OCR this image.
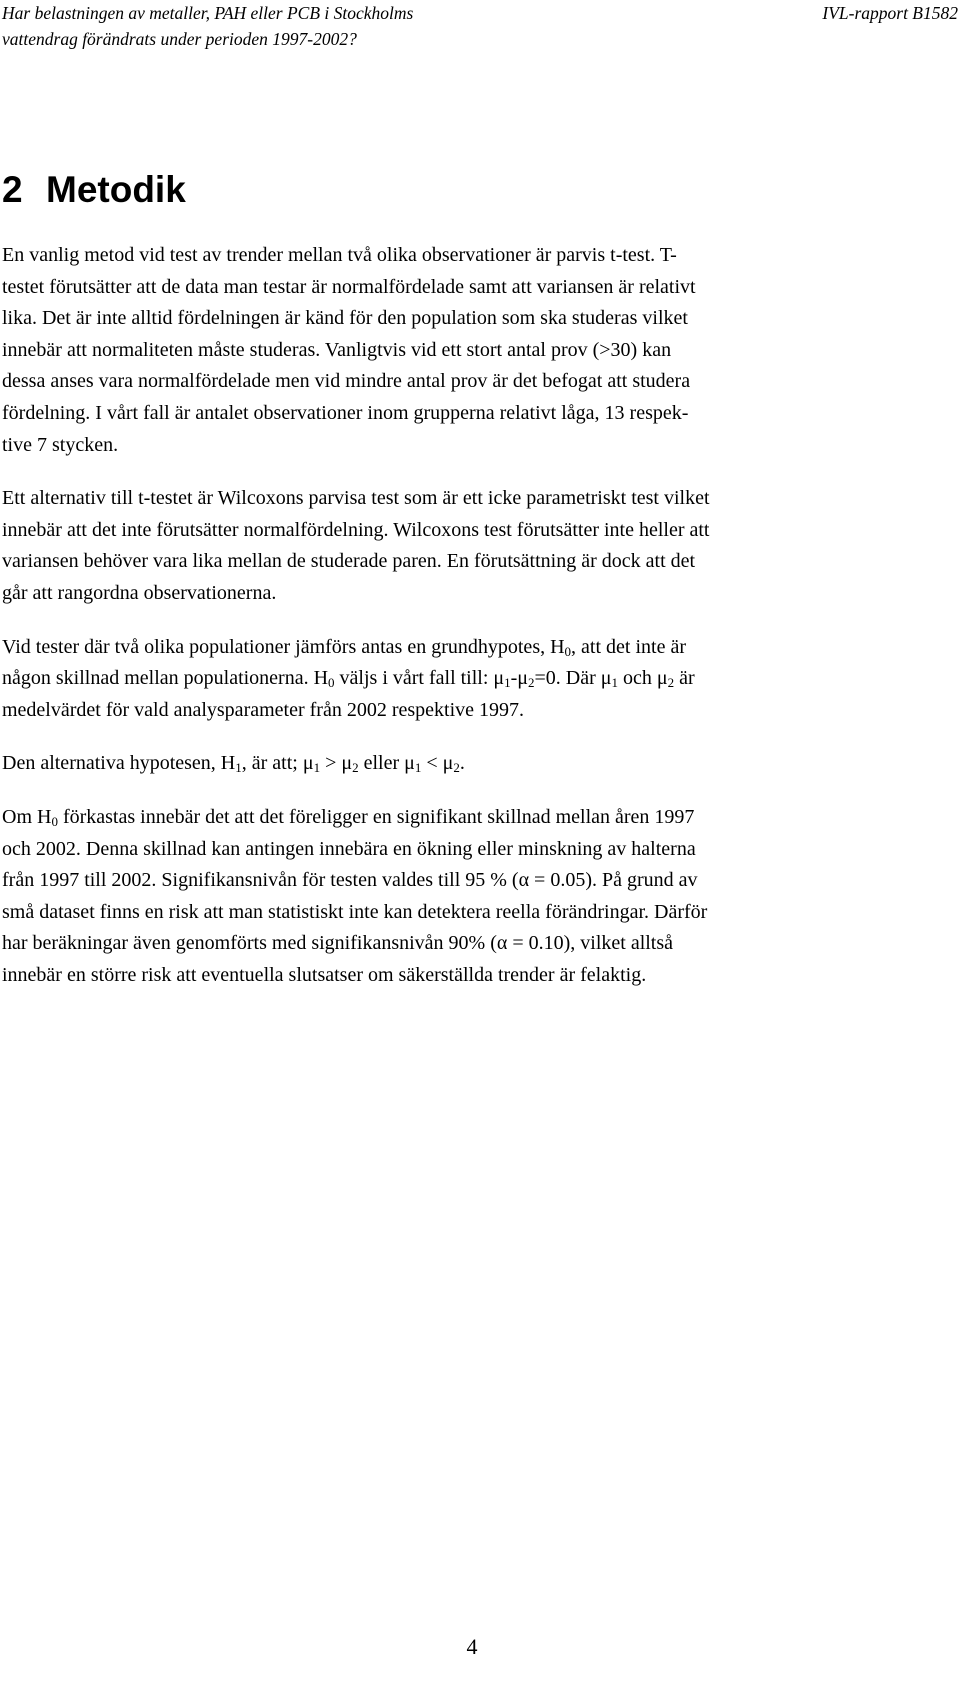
Har belastningen av metaller, PAH eller PCB i Stockholms
vattendrag förändrats under perioden 1997-2002?
IVL-rapport B1582
2 Metodik

En vanlig metod vid test av trender mellan två olika observationer är parvis t-test. T-
testet förutsätter att de data man testar är normalfördelade samt att variansen är relativt
lika. Det är inte alltid fördelningen är känd för den population som ska studeras vilket
innebär att normaliteten måste studeras. Vanligtvis vid ett stort antal prov (>30) kan
dessa anses vara normalfördelade men vid mindre antal prov är det befogat att studera
fördelning. I vårt fall är antalet observationer inom grupperna relativt låga, 13 respek-
tive 7 stycken.

Ett alternativ till t-testet är Wilcoxons parvisa test som är ett icke parametriskt test vilket
innebär att det inte förutsätter normalfördelning. Wilcoxons test förutsätter inte heller att
variansen behöver vara lika mellan de studerade paren. En förutsättning är dock att det
går att rangordna observationerna.

Vid tester där två olika populationer jämförs antas en grundhypotes, $H_0$, att det inte är
någon skillnad mellan populationerna. $H_0$ väljs i vårt fall till: $\mu_1-\mu_2=0$. Där $\mu_1$ och $\mu_2$ är
medelvärdet för vald analysparameter från 2002 respektive 1997.

Den alternativa hypotesen, $H_1$, är att; $\mu_1 > \mu_2$ eller $\mu_1 < \mu_2$.

Om $H_0$ förkastas innebär det att det föreligger en signifikant skillnad mellan åren 1997
och 2002. Denna skillnad kan antingen innebära en ökning eller minskning av halterna
från 1997 till 2002. Signifikansnivån för testen valdes till 95 % (α = 0.05). På grund av
små dataset finns en risk att man statistiskt inte kan detektera reella förändringar. Därför
har beräkningar även genomförts med signifikansnivån 90% (α = 0.10), vilket alltså
innebär en större risk att eventuella slutsatser om säkerställda trender är felaktig.

4
